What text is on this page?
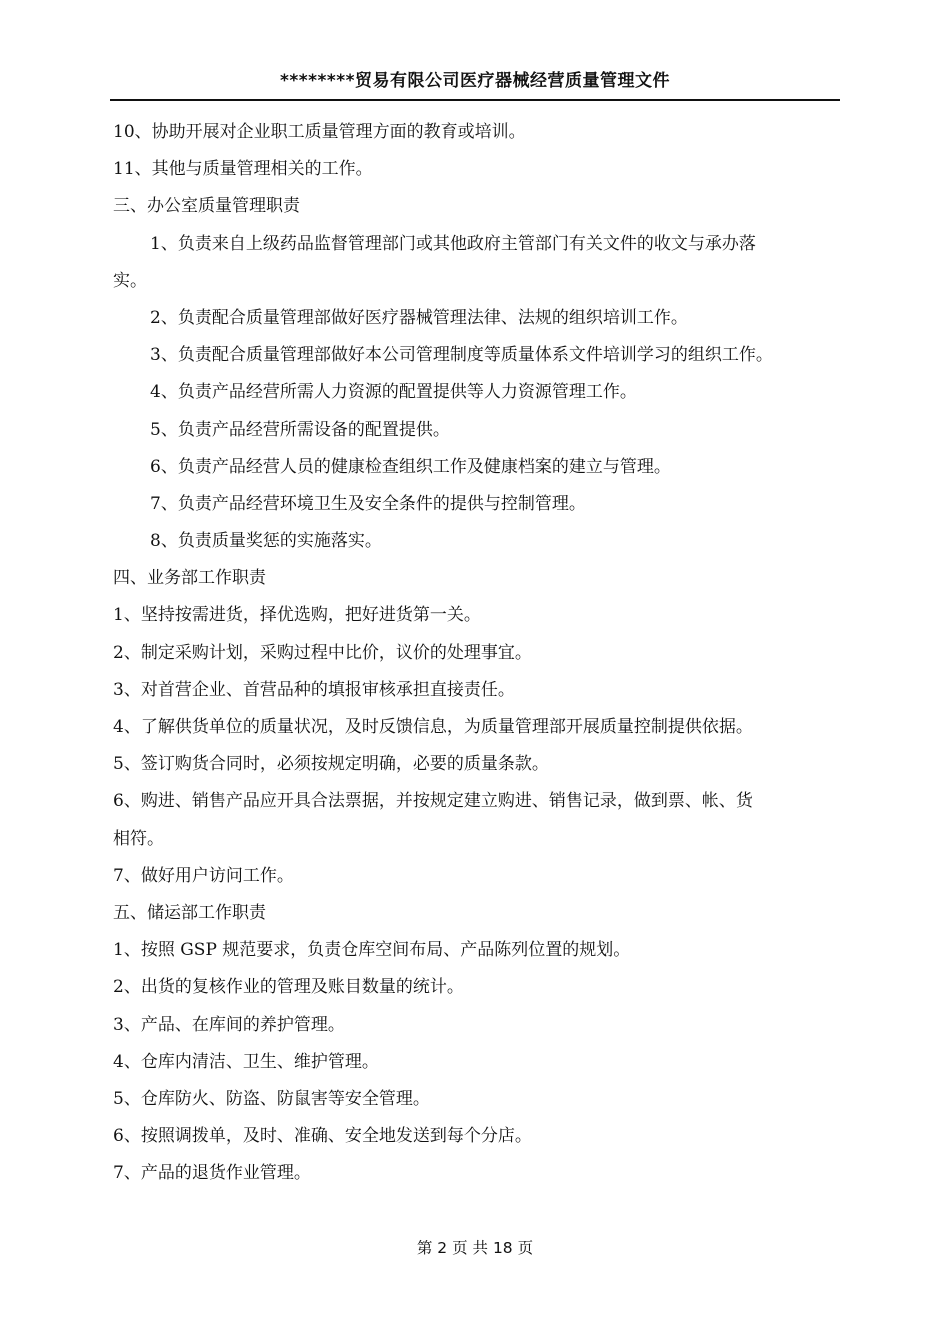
********贸易有限公司医疗器械经营质量管理文件
10、协助开展对企业职工质量管理方面的教育或培训。
11、其他与质量管理相关的工作。
三、办公室质量管理职责
1、负责来自上级药品监督管理部门或其他政府主管部门有关文件的收文与承办落
实。
2、负责配合质量管理部做好医疗器械管理法律、法规的组织培训工作。
3、负责配合质量管理部做好本公司管理制度等质量体系文件培训学习的组织工作。
4、负责产品经营所需人力资源的配置提供等人力资源管理工作。
5、负责产品经营所需设备的配置提供。
6、负责产品经营人员的健康检查组织工作及健康档案的建立与管理。
7、负责产品经营环境卫生及安全条件的提供与控制管理。
8、负责质量奖惩的实施落实。
四、业务部工作职责
1、坚持按需进货，择优选购，把好进货第一关。
2、制定采购计划，采购过程中比价，议价的处理事宜。
3、对首营企业、首营品种的填报审核承担直接责任。
4、了解供货单位的质量状况，及时反馈信息，为质量管理部开展质量控制提供依据。
5、签订购货合同时，必须按规定明确，必要的质量条款。
6、购进、销售产品应开具合法票据，并按规定建立购进、销售记录，做到票、帐、货
相符。
7、做好用户访问工作。
五、储运部工作职责
1、按照 GSP 规范要求，负责仓库空间布局、产品陈列位置的规划。
2、出货的复核作业的管理及账目数量的统计。
3、产品、在库间的养护管理。
4、仓库内清洁、卫生、维护管理。
5、仓库防火、防盗、防鼠害等安全管理。
6、按照调拨单，及时、准确、安全地发送到每个分店。
7、产品的退货作业管理。
第 2 页 共 18 页
